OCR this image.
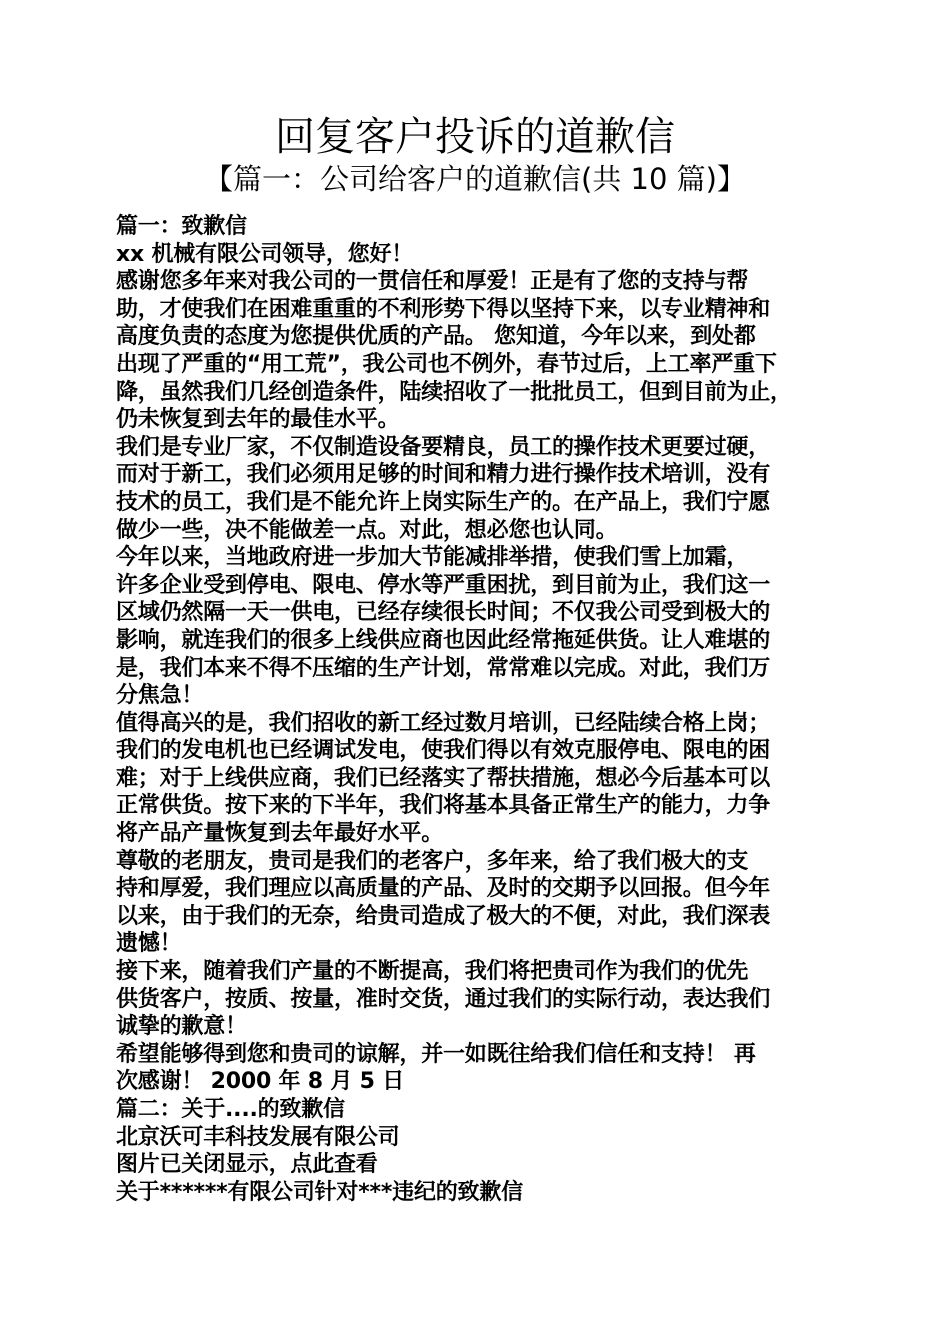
回复客户投诉的道歉信
【篇一：公司给客户的道歉信(共 10 篇)】
篇一：致歉信
xx 机械有限公司领导，您好！
感谢您多年来对我公司的一贯信任和厚爱！正是有了您的支持与帮
助，才使我们在困难重重的不利形势下得以坚持下来，以专业精神和
高度负责的态度为您提供优质的产品。 您知道，今年以来，到处都
出现了严重的“用工荒”，我公司也不例外，春节过后，上工率严重下
降，虽然我们几经创造条件，陆续招收了一批批员工，但到目前为止，
仍未恢复到去年的最佳水平。
我们是专业厂家，不仅制造设备要精良，员工的操作技术更要过硬，
而对于新工，我们必须用足够的时间和精力进行操作技术培训，没有
技术的员工，我们是不能允许上岗实际生产的。在产品上，我们宁愿
做少一些，决不能做差一点。对此，想必您也认同。
今年以来，当地政府进一步加大节能减排举措，使我们雪上加霜，
许多企业受到停电、限电、停水等严重困扰，到目前为止，我们这一
区域仍然隔一天一供电，已经存续很长时间；不仅我公司受到极大的
影响，就连我们的很多上线供应商也因此经常拖延供货。让人难堪的
是，我们本来不得不压缩的生产计划，常常难以完成。对此，我们万
分焦急！
值得高兴的是，我们招收的新工经过数月培训，已经陆续合格上岗；
我们的发电机也已经调试发电，使我们得以有效克服停电、限电的困
难；对于上线供应商，我们已经落实了帮扶措施，想必今后基本可以
正常供货。按下来的下半年，我们将基本具备正常生产的能力，力争
将产品产量恢复到去年最好水平。
尊敬的老朋友，贵司是我们的老客户，多年来，给了我们极大的支
持和厚爱，我们理应以高质量的产品、及时的交期予以回报。但今年
以来，由于我们的无奈，给贵司造成了极大的不便，对此，我们深表
遗憾！
接下来，随着我们产量的不断提高，我们将把贵司作为我们的优先
供货客户，按质、按量，准时交货，通过我们的实际行动，表达我们
诚挚的歉意！
希望能够得到您和贵司的谅解，并一如既往给我们信任和支持！ 再
次感谢！ 2000 年 8 月 5 日
篇二：关于....的致歉信
北京沃可丰科技发展有限公司
图片已关闭显示，点此查看
关于******有限公司针对***违纪的致歉信
